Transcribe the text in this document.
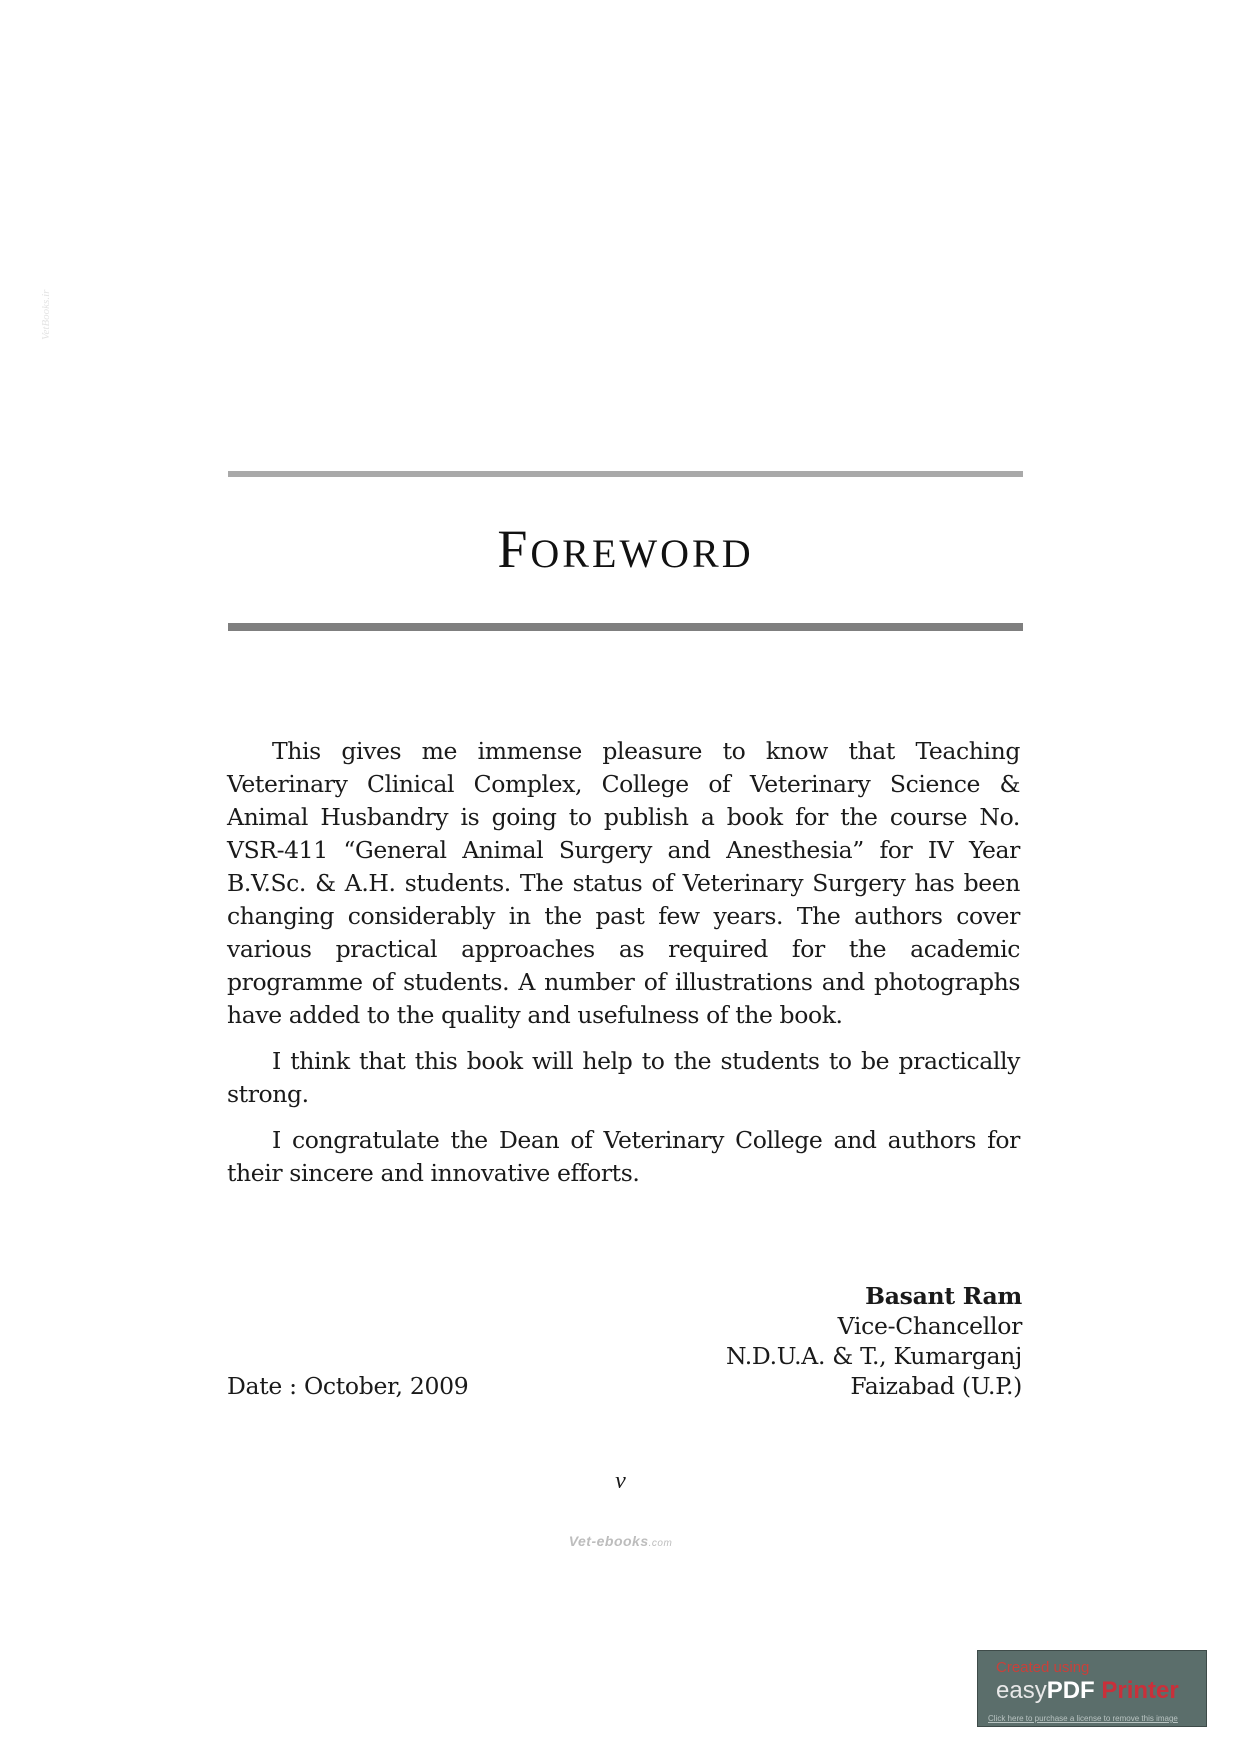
VetBooks.ir
FOREWORD

This gives me immense pleasure to know that Teaching Veterinary Clinical Complex, College of Veterinary Science & Animal Husbandry is going to publish a book for the course No. VSR-411 “General Animal Surgery and Anesthesia” for IV Year B.V.Sc. & A.H. students. The status of Veterinary Surgery has been changing considerably in the past few years. The authors cover various practical approaches as required for the academic programme of students. A number of illustrations and photographs have added to the quality and usefulness of the book.

I think that this book will help to the students to be practically strong.

I congratulate the Dean of Veterinary College and authors for their sincere and innovative efforts.

Basant Ram
Vice-Chancellor
N.D.U.A. & T., Kumarganj
Faizabad (U.P.)
Date : October, 2009
v
Vet-ebooks.com
Created using
easyPDF Printer
Click here to purchase a license to remove this image
